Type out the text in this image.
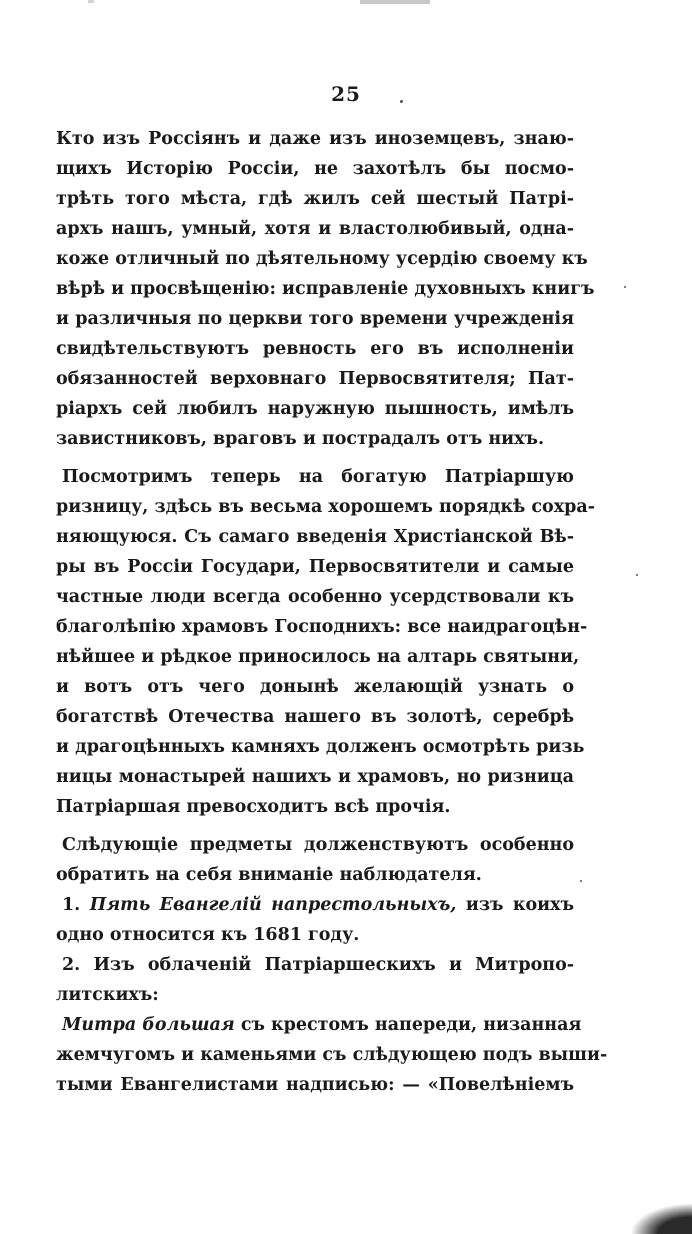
25
Кто изъ Россіянъ и даже изъ иноземцевъ, знаю-
щихъ Исторію Россіи, не захотѣлъ бы посмо-
трѣть того мѣста, гдѣ жилъ сей шестый Патрі-
архъ нашъ, умный, хотя и властолюбивый, одна-
коже отличный по дѣятельному усердію своему къ
вѣрѣ и просвѣщенію: исправленіе духовныхъ книгъ
и различныя по церкви того времени учрежденія
свидѣтельствуютъ ревность его въ исполненіи
обязанностей верховнаго Первосвятителя; Пат-
ріархъ сей любилъ наружную пышность, имѣлъ
завистниковъ, враговъ и пострадалъ отъ нихъ.
Посмотримъ теперь на богатую Патріаршую
ризницу, здѣсь въ весьма хорошемъ порядкѣ сохра-
няющуюся. Съ самаго введенія Христіанской Вѣ-
ры въ Россіи Государи, Первосвятители и самые
частные люди всегда особенно усердствовали къ
благолѣпію храмовъ Господнихъ: все наидрагоцѣн-
нѣйшее и рѣдкое приносилось на алтарь святыни,
и вотъ отъ чего донынѣ желающій узнать о
богатствѣ Отечества нашего въ золотѣ, серебрѣ
и драгоцѣнныхъ камняхъ долженъ осмотрѣть ризь
ницы монастырей нашихъ и храмовъ, но ризница
Патріаршая превосходитъ всѣ прочія.
Слѣдующіе предметы долженствуютъ особенно
обратить на себя вниманіе наблюдателя.
1. Пять Евангелій напрестольныхъ, изъ коихъ
одно относится къ 1681 году.
2. Изъ облаченій Патріаршескихъ и Митропо-
литскихъ:
Митра большая съ крестомъ напереди, низанная
жемчугомъ и каменьями съ слѣдующею подъ выши-
тыми Евангелистами надписью: — «Повелѣніемъ
